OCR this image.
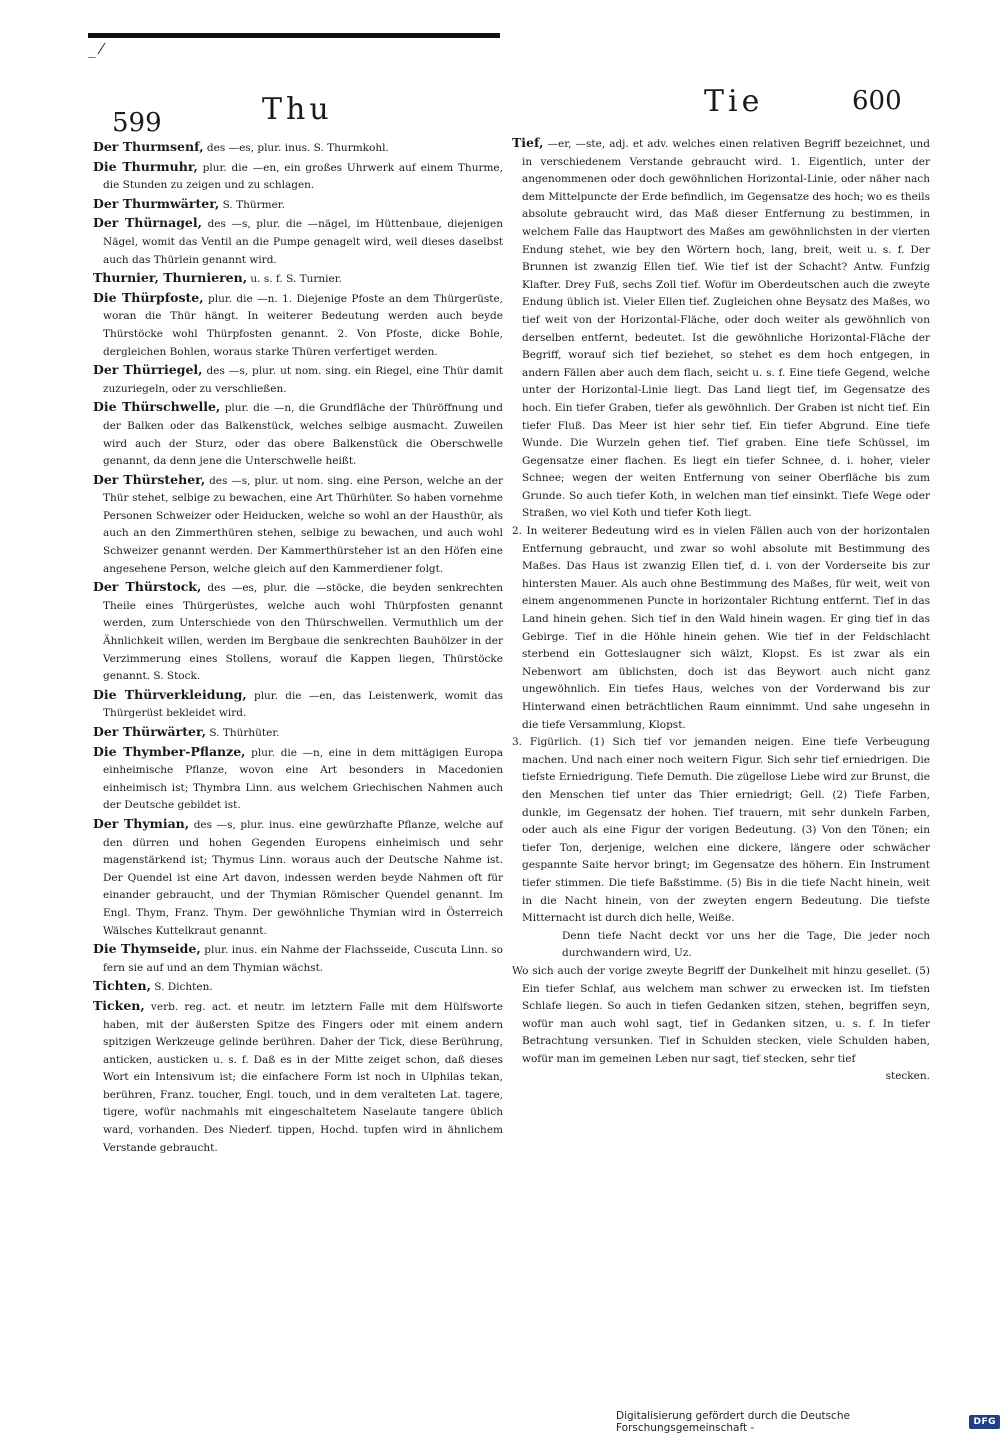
_ ⁄
599	Thu	Tie	600
Der Thurmsenf, des —es, plur. inus. S. Thurmkohl.
Die Thurmuhr, plur. die —en, ein großes Uhrwerk auf einem Thurme, die Stunden zu zeigen und zu schlagen.
Der Thurmwärter, S. Thürmer.
Der Thürnagel, des —s, plur. die —nägel, im Hüttenbaue, diejenigen Nägel, womit das Ventil an die Pumpe genagelt wird, weil dieses daselbst auch das Thürlein genannt wird.
Thurnier, Thurnieren, u. s. f. S. Turnier.
Die Thürpfoste, plur. die —n. 1. Diejenige Pfoste an dem Thürgerüste, woran die Thür hängt. In weiterer Bedeutung werden auch beyde Thürstöcke wohl Thürpfosten genannt. 2. Von Pfoste, dicke Bohle, dergleichen Bohlen, woraus starke Thüren verfertiget werden.
Der Thürriegel, des —s, plur. ut nom. sing. ein Riegel, eine Thür damit zuzuriegeln, oder zu verschließen.
Die Thürschwelle, plur. die —n, die Grundfläche der Thüröffnung und der Balken oder das Balkenstück, welches selbige ausmacht. Zuweilen wird auch der Sturz, oder das obere Balkenstück die Oberschwelle genannt, da denn jene die Unterschwelle heißt.
Der Thürsteher, des —s, plur. ut nom. sing. eine Person, welche an der Thür stehet, selbige zu bewachen, eine Art Thürhüter. So haben vornehme Personen Schweizer oder Heiducken, welche so wohl an der Hausthür, als auch an den Zimmerthüren stehen, selbige zu bewachen, und auch wohl Schweizer genannt werden. Der Kammerthürsteher ist an den Höfen eine angesehene Person, welche gleich auf den Kammerdiener folgt.
Der Thürstock, des —es, plur. die —stöcke, die beyden senkrechten Theile eines Thürgerüstes, welche auch wohl Thürpfosten genannt werden, zum Unterschiede von den Thürschwellen. Vermuthlich um der Ähnlichkeit willen, werden im Bergbaue die senkrechten Bauhölzer in der Verzimmerung eines Stollens, worauf die Kappen liegen, Thürstöcke genannt. S. Stock.
Die Thürverkleidung, plur. die —en, das Leistenwerk, womit das Thürgerüst bekleidet wird.
Der Thürwärter, S. Thürhüter.
Die Thymber-Pflanze, plur. die —n, eine in dem mittägigen Europa einheimische Pflanze, wovon eine Art besonders in Macedonien einheimisch ist; Thymbra Linn. aus welchem Griechischen Nahmen auch der Deutsche gebildet ist.
Der Thymian, des —s, plur. inus. eine gewürzhafte Pflanze, welche auf den dürren und hohen Gegenden Europens einheimisch und sehr magenstärkend ist; Thymus Linn. woraus auch der Deutsche Nahme ist. Der Quendel ist eine Art davon, indessen werden beyde Nahmen oft für einander gebraucht, und der Thymian Römischer Quendel genannt. Im Engl. Thym, Franz. Thym. Der gewöhnliche Thymian wird in Österreich Wälsches Kuttelkraut genannt.
Die Thymseide, plur. inus. ein Nahme der Flachsseide, Cuscuta Linn. so fern sie auf und an dem Thymian wächst.
Tichten, S. Dichten.
Ticken, verb. reg. act. et neutr. im letztern Falle mit dem Hülfsworte haben, mit der äußersten Spitze des Fingers oder mit einem andern spitzigen Werkzeuge gelinde berühren. Daher der Tick, diese Berührung, anticken, austicken u. s. f. Daß es in der Mitte zeiget schon, daß dieses Wort ein Intensivum ist; die einfachere Form ist noch in Ulphilas tekan, berühren, Franz. toucher, Engl. touch, und in dem veralteten Lat. tagere, tigere, wofür nachmahls mit eingeschaltetem Naselaute tangere üblich ward, vorhanden. Des Niederf. tippen, Hochd. tupfen wird in ähnlichem Verstande gebraucht.
Tief, —er, —ste, adj. et adv. welches einen relativen Begriff bezeichnet, und in verschiedenem Verstande gebraucht wird. 1. Eigentlich, unter der angenommenen oder doch gewöhnlichen Horizontal-Linie, oder näher nach dem Mittelpuncte der Erde befindlich, im Gegensatze des hoch; wo es theils absolute gebraucht wird, das Maß dieser Entfernung zu bestimmen, in welchem Falle das Hauptwort des Maßes am gewöhnlichsten in der vierten Endung stehet, wie bey den Wörtern hoch, lang, breit, weit u. s. f. Der Brunnen ist zwanzig Ellen tief. Wie tief ist der Schacht? Antw. Funfzig Klafter. Drey Fuß, sechs Zoll tief. Wofür im Oberdeutschen auch die zweyte Endung üblich ist. Vieler Ellen tief. Zugleichen ohne Beysatz des Maßes, wo tief weit von der Horizontal-Fläche, oder doch weiter als gewöhnlich von derselben entfernt, bedeutet. Ist die gewöhnliche Horizontal-Fläche der Begriff, worauf sich tief beziehet, so stehet es dem hoch entgegen, in andern Fällen aber auch dem flach, seicht u. s. f. Eine tiefe Gegend, welche unter der Horizontal-Linie liegt. Das Land liegt tief, im Gegensatze des hoch. Ein tiefer Graben, tiefer als gewöhnlich. Der Graben ist nicht tief. Ein tiefer Fluß. Das Meer ist hier sehr tief. Ein tiefer Abgrund. Eine tiefe Wunde. Die Wurzeln gehen tief. Tief graben. Eine tiefe Schüssel, im Gegensatze einer flachen. Es liegt ein tiefer Schnee, d. i. hoher, vieler Schnee; wegen der weiten Entfernung von seiner Oberfläche bis zum Grunde. So auch tiefer Koth, in welchen man tief einsinkt. Tiefe Wege oder Straßen, wo viel Koth und tiefer Koth liegt.
2. In weiterer Bedeutung wird es in vielen Fällen auch von der horizontalen Entfernung gebraucht, und zwar so wohl absolute mit Bestimmung des Maßes. Das Haus ist zwanzig Ellen tief, d. i. von der Vorderseite bis zur hintersten Mauer. Als auch ohne Bestimmung des Maßes, für weit, weit von einem angenommenen Puncte in horizontaler Richtung entfernt. Tief in das Land hinein gehen. Sich tief in den Wald hinein wagen. Er ging tief in das Gebirge. Tief in die Höhle hinein gehen. Wie tief in der Feldschlacht sterbend ein Gotteslaugner sich wälzt, Klopst. Es ist zwar als ein Nebenwort am üblichsten, doch ist das Beywort auch nicht ganz ungewöhnlich. Ein tiefes Haus, welches von der Vorderwand bis zur Hinterwand einen beträchtlichen Raum einnimmt. Und sahe ungesehn in die tiefe Versammlung, Klopst.
3. Figürlich. (1) Sich tief vor jemanden neigen. Eine tiefe Verbeugung machen. Und nach einer noch weitern Figur. Sich sehr tief erniedrigen. Die tiefste Erniedrigung. Tiefe Demuth. Die zügellose Liebe wird zur Brunst, die den Menschen tief unter das Thier erniedrigt; Gell. (2) Tiefe Farben, dunkle, im Gegensatz der hohen. Tief trauern, mit sehr dunkeln Farben, oder auch als eine Figur der vorigen Bedeutung. (3) Von den Tönen; ein tiefer Ton, derjenige, welchen eine dickere, längere oder schwächer gespannte Saite hervor bringt; im Gegensatze des höhern. Ein Instrument tiefer stimmen. Die tiefe Baßstimme. (5) Bis in die tiefe Nacht hinein, weit in die Nacht hinein, von der zweyten engern Bedeutung. Die tiefste Mitternacht ist durch dich helle, Weiße.
Denn tiefe Nacht deckt vor uns her die Tage, Die jeder noch durchwandern wird, Uz.
Wo sich auch der vorige zweyte Begriff der Dunkelheit mit hinzu gesellet. (5) Ein tiefer Schlaf, aus welchem man schwer zu erwecken ist. Im tiefsten Schlafe liegen. So auch in tiefen Gedanken sitzen, stehen, begriffen seyn, wofür man auch wohl sagt, tief in Gedanken sitzen, u. s. f. In tiefer Betrachtung versunken. Tief in Schulden stecken, viele Schulden haben, wofür man im gemeinen Leben nur sagt, tief stecken, sehr tief
stecken.
Digitalisierung gefördert durch die Deutsche Forschungsgemeinschaft -	DFG
